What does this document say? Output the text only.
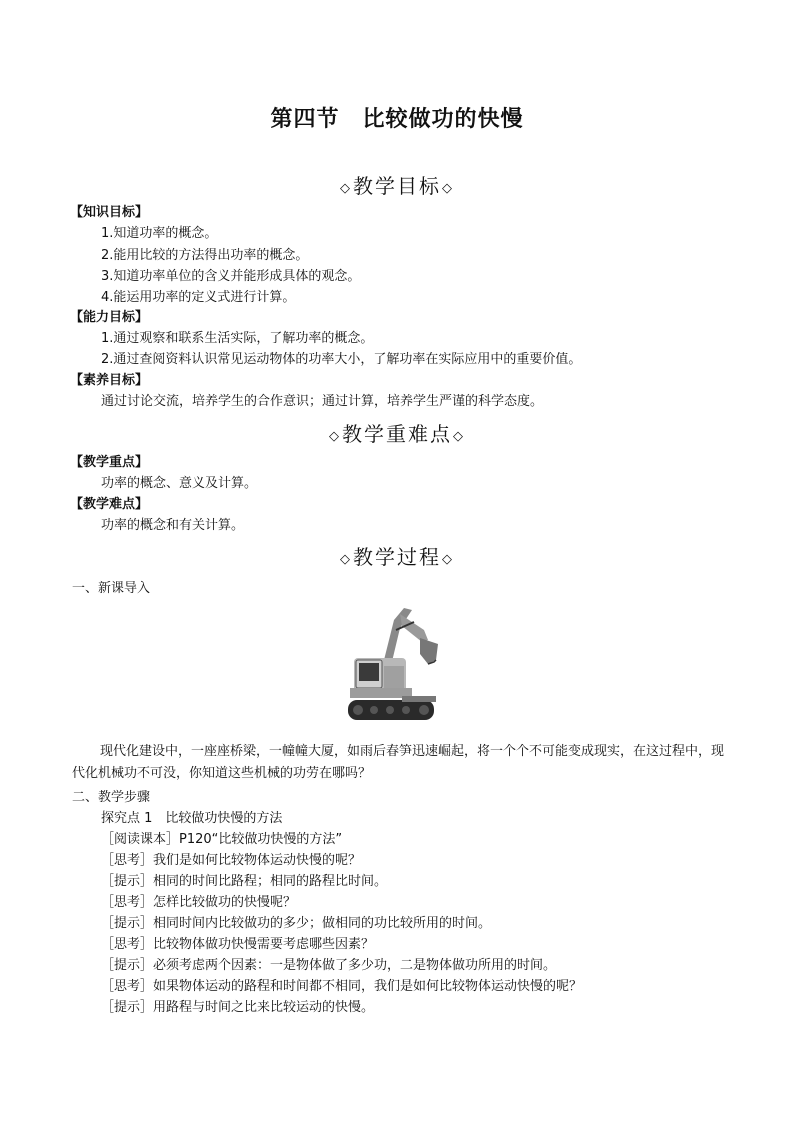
第四节　比较做功的快慢
◇教学目标◇
【知识目标】
1.知道功率的概念。
2.能用比较的方法得出功率的概念。
3.知道功率单位的含义并能形成具体的观念。
4.能运用功率的定义式进行计算。
【能力目标】
1.通过观察和联系生活实际，了解功率的概念。
2.通过查阅资料认识常见运动物体的功率大小，了解功率在实际应用中的重要价值。
【素养目标】
通过讨论交流，培养学生的合作意识；通过计算，培养学生严谨的科学态度。
◇教学重难点◇
【教学重点】
功率的概念、意义及计算。
【教学难点】
功率的概念和有关计算。
◇教学过程◇
一、新课导入
现代化建设中，一座座桥梁，一幢幢大厦，如雨后春笋迅速崛起，将一个个不可能变成现实，在这过程中，现代化机械功不可没，你知道这些机械的功劳在哪吗？
二、教学步骤
探究点 1　比较做功快慢的方法
［阅读课本］P120“比较做功快慢的方法”
［思考］我们是如何比较物体运动快慢的呢？
［提示］相同的时间比路程；相同的路程比时间。
［思考］怎样比较做功的快慢呢？
［提示］相同时间内比较做功的多少；做相同的功比较所用的时间。
［思考］比较物体做功快慢需要考虑哪些因素？
［提示］必须考虑两个因素：一是物体做了多少功，二是物体做功所用的时间。
［思考］如果物体运动的路程和时间都不相同，我们是如何比较物体运动快慢的呢？
［提示］用路程与时间之比来比较运动的快慢。
